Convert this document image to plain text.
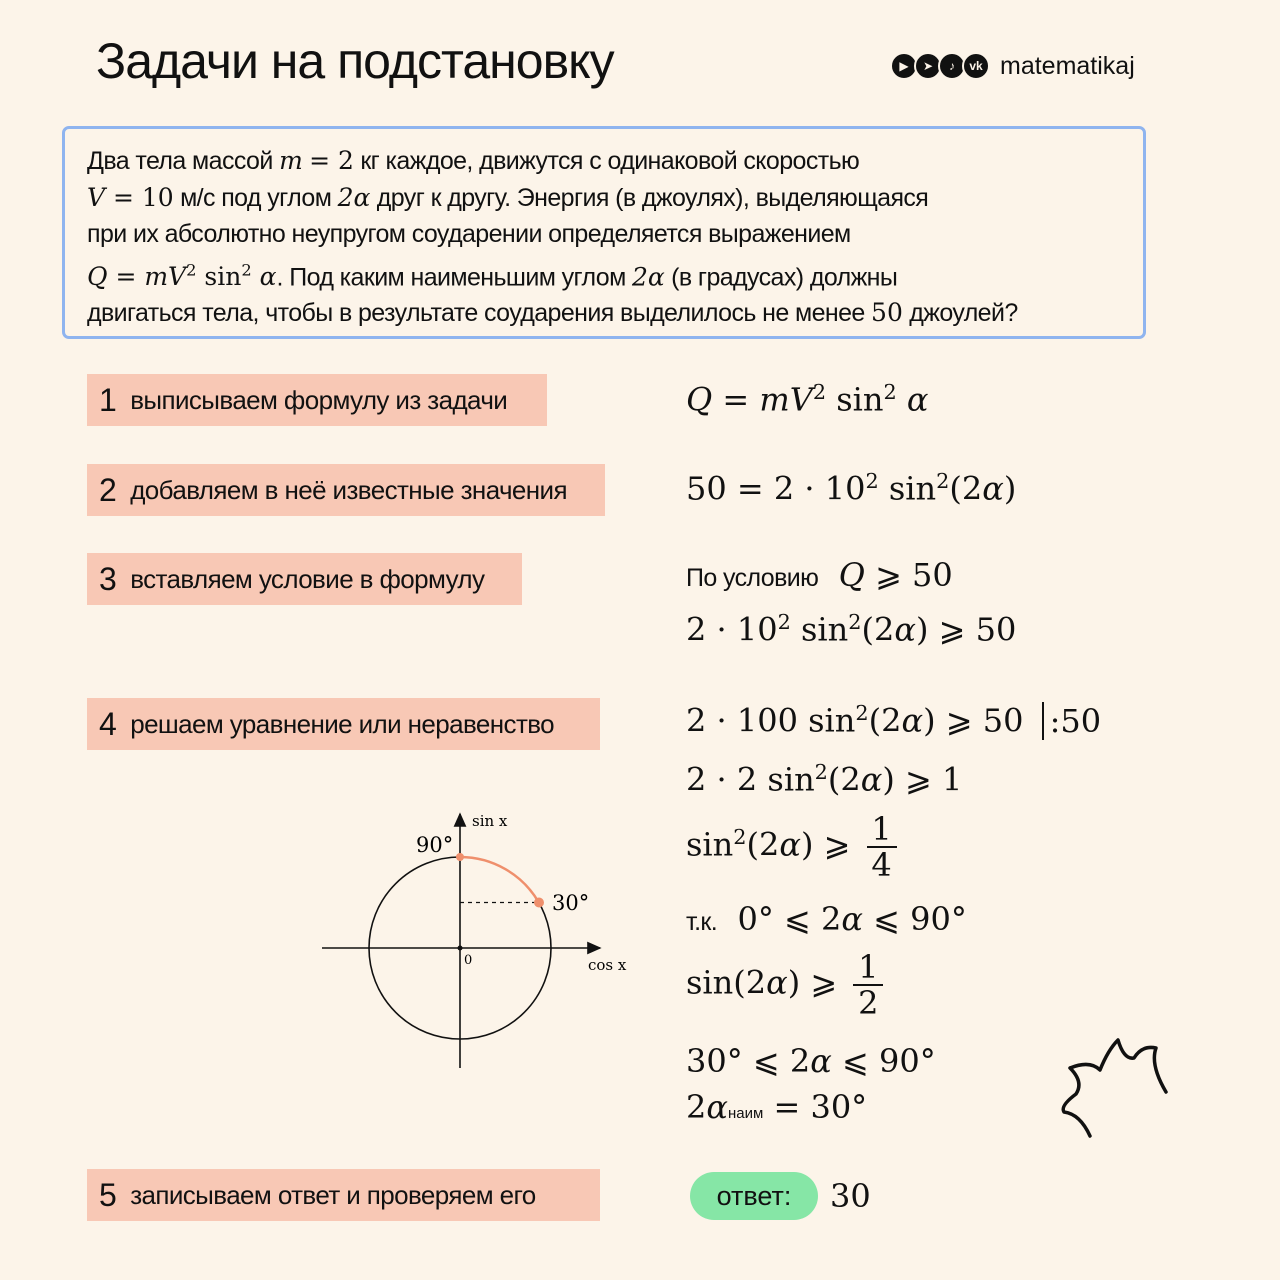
Задачи на подстановку	▶	➤	♪	vk matematikaj
Два тела массой m = 2 кг каждое, движутся с одинаковой скоростью
V = 10 м/с под углом 2α друг к другу. Энергия (в джоулях), выделяющаяся
при их абсолютно неупругом соударении определяется выражением
$Q = mV^2$ $\sin^2 \alpha$. Под каким наименьшим углом 2α (в градусах) должны
двигаться тела, чтобы в результате соударения выделилось не менее 50 джоулей?
1 выписываем формулу из задачи
2 добавляем в неё известные значения
3 вставляем условие в формулу
4 решаем уравнение или неравенство
5 записываем ответ и проверяем его
$Q = mV^2$ $\sin^2 \alpha$
$50 = 2 \cdot 10^2$ $\sin^2(2\alpha)$
По условию Q ⩾ 50
$2 \cdot 10^2$ $\sin^2(2\alpha)$ ⩾ 50
2 · 100 $\sin^2(2\alpha)$ ⩾ 50 :50
2 · 2 $\sin^2(2\alpha)$ ⩾ 1
$\sin^2(2\alpha)$ ⩾ $\frac{1}{4}$
т.к.  0° ⩽ 2α ⩽ 90°
sin(2α) ⩾ $\frac{1}{2}$
30° ⩽ 2α ⩽ 90°
2αнаим = 30°
ответ:	30
sin x
cos x
90°
30°
0
